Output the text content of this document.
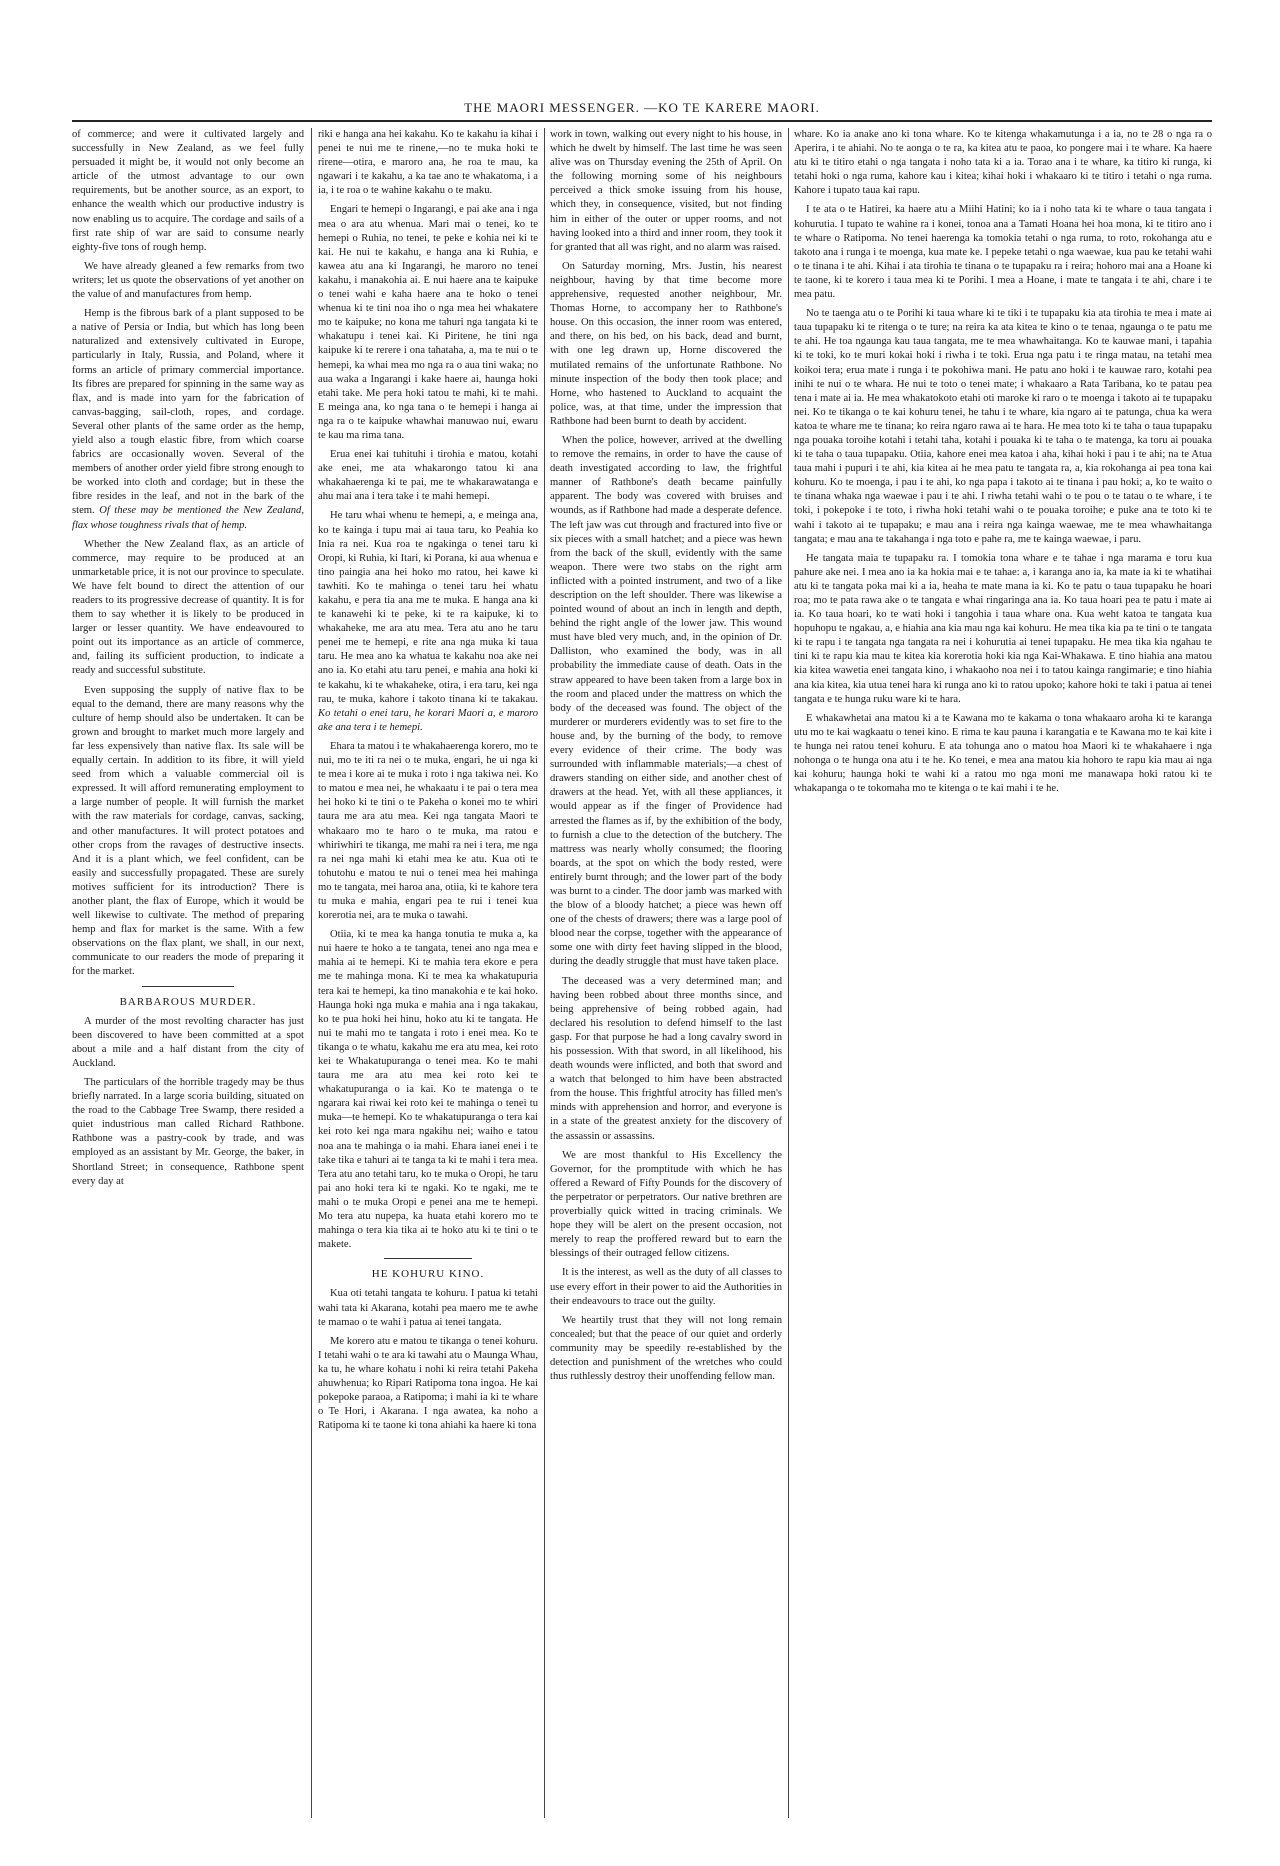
THE MAORI MESSENGER. —KO TE KARERE MAORI.

of commerce; and were it cultivated largely and successfully in New Zealand, as we feel fully persuaded it might be, it would not only become an article of the utmost advantage to our own requirements, but be another source, as an export, to enhance the wealth which our productive industry is now enabling us to acquire. The cordage and sails of a first rate ship of war are said to consume nearly eighty-five tons of rough hemp.

We have already gleaned a few remarks from two writers; let us quote the observations of yet another on the value of and manufactures from hemp.

Hemp is the fibrous bark of a plant supposed to be a native of Persia or India, but which has long been naturalized and extensively cultivated in Europe, particularly in Italy, Russia, and Poland, where it forms an article of primary commercial importance. Its fibres are prepared for spinning in the same way as flax, and is made into yarn for the fabrication of canvas-bagging, sail-cloth, ropes, and cordage. Several other plants of the same order as the hemp, yield also a tough elastic fibre, from which coarse fabrics are occasionally woven. Several of the members of another order yield fibre strong enough to be worked into cloth and cordage; but in these the fibre resides in the leaf, and not in the bark of the stem. Of these may be mentioned the New Zealand, flax whose toughness rivals that of hemp.

Whether the New Zealand flax, as an article of commerce, may require to be produced at an unmarketable price, it is not our province to speculate. We have felt bound to direct the attention of our readers to its progressive decrease of quantity. It is for them to say whether it is likely to be produced in larger or lesser quantity. We have endeavoured to point out its importance as an article of commerce, and, failing its sufficient production, to indicate a ready and successful substitute.

Even supposing the supply of native flax to be equal to the demand, there are many reasons why the culture of hemp should also be undertaken. It can be grown and brought to market much more largely and far less expensively than native flax. Its sale will be equally certain. In addition to its fibre, it will yield seed from which a valuable commercial oil is expressed. It will afford remunerating employment to a large number of people. It will furnish the market with the raw materials for cordage, canvas, sacking, and other manufactures. It will protect potatoes and other crops from the ravages of destructive insects. And it is a plant which, we feel confident, can be easily and successfully propagated. These are surely motives sufficient for its introduction? There is another plant, the flax of Europe, which it would be well likewise to cultivate. The method of preparing hemp and flax for market is the same. With a few observations on the flax plant, we shall, in our next, communicate to our readers the mode of preparing it for the market.

BARBAROUS MURDER.

A murder of the most revolting character has just been discovered to have been committed at a spot about a mile and a half distant from the city of Auckland.

The particulars of the horrible tragedy may be thus briefly narrated. In a large scoria building, situated on the road to the Cabbage Tree Swamp, there resided a quiet industrious man called Richard Rathbone. Rathbone was a pastry-cook by trade, and was employed as an assistant by Mr. George, the baker, in Shortland Street; in consequence, Rathbone spent every day at

riki e hanga ana hei kakahu. Ko te kakahu ia kihai i penei te nui me te rinene,—no te muka hoki te rirene—otira, e maroro ana, he roa te mau, ka ngawari i te kakahu, a ka tae ano te whakatoma, i a ia, i te roa o te wahine kakahu o te maku.

Engari te hemepi o Ingarangi, e pai ake ana i nga mea o ara atu whenua. Mari mai o tenei, ko te hemepi o Ruhia, no tenei, te peke e kohia nei ki te kai. He nui te kakahu, e hanga ana ki Ruhia, e kawea atu ana ki Ingarangi, he maroro no tenei kakahu, i manakohia ai. E nui haere ana te kaipuke o tenei wahi e kaha haere ana te hoko o tenei whenua ki te tini noa iho o nga mea hei whakatere mo te kaipuke; no kona me tahuri nga tangata ki te whakatupu i tenei kai. Ki Piritene, he tini nga kaipuke ki te rerere i ona tahataha, a, ma te nui o te hemepi, ka whai mea mo nga ra o aua tini waka; no aua waka a Ingarangi i kake haere ai, haunga hoki etahi take. Me pera hoki tatou te mahi, ki te mahi. E meinga ana, ko nga tana o te hemepi i hanga ai nga ra o te kaipuke whawhai manuwao nui, ewaru te kau ma rima tana.

Erua enei kai tuhituhi i tirohia e matou, kotahi ake enei, me ata whakarongo tatou ki ana whakahaerenga ki te pai, me te whakarawatanga e ahu mai ana i tera take i te mahi hemepi.

He taru whai whenu te hemepi, a, e meinga ana, ko te kainga i tupu mai ai taua taru, ko Peahia ko Inia ra nei. Kua roa te ngakinga o tenei taru ki Oropi, ki Ruhia, ki Itari, ki Porana, ki aua whenua e tino paingia ana hei hoko mo ratou, hei kawe ki tawhiti. Ko te mahinga o tenei taru hei whatu kakahu, e pera tia ana me te muka. E hanga ana ki te kanawehi ki te peke, ki te ra kaipuke, ki to whakaheke, me ara atu mea. Tera atu ano he taru penei me te hemepi, e rite ana nga muka ki taua taru. He mea ano ka whatua te kakahu noa ake nei ano ia. Ko etahi atu taru penei, e mahia ana hoki ki te kakahu, ki te whakaheke, otira, i era taru, kei nga rau, te muka, kahore i takoto tinana ki te takakau. Ko tetahi o enei taru, he korari Maori a, e maroro ake ana tera i te hemepi.

Ehara ta matou i te whakahaerenga korero, mo te nui, mo te iti ra nei o te muka, engari, he ui nga ki te mea i kore ai te muka i roto i nga takiwa nei. Ko to matou e mea nei, he whakaatu i te pai o tera mea hei hoko ki te tini o te Pakeha o konei mo te whiri taura me ara atu mea. Kei nga tangata Maori te whakaaro mo te haro o te muka, ma ratou e whiriwhiri te tikanga, me mahi ra nei i tera, me nga ra nei nga mahi ki etahi mea ke atu. Kua oti te tohutohu e matou te nui o tenei mea hei mahinga mo te tangata, mei haroa ana, otiia, ki te kahore tera tu muka e mahia, engari pea te rui i tenei kua korerotia nei, ara te muka o tawahi.

Otiia, ki te mea ka hanga tonutia te muka a, ka nui haere te hoko a te tangata, tenei ano nga mea e mahia ai te hemepi. Ki te mahia tera ekore e pera me te mahinga mona. Ki te mea ka whakatupuria tera kai te hemepi, ka tino manakohia e te kai hoko. Haunga hoki nga muka e mahia ana i nga takakau, ko te pua hoki hei hinu, hoko atu ki te tangata. He nui te mahi mo te tangata i roto i enei mea. Ko te tikanga o te whatu, kakahu me era atu mea, kei roto kei te Whakatupuranga o tenei mea. Ko te mahi taura me ara atu mea kei roto kei te whakatupuranga o ia kai. Ko te matenga o te ngarara kai riwai kei roto kei te mahinga o tenei tu muka—te hemepi. Ko te whakatupuranga o tera kai kei roto kei nga mara ngakihu nei; waiho e tatou noa ana te mahinga o ia mahi. Ehara ianei enei i te take tika e tahuri ai te tanga ta ki te mahi i tera mea. Tera atu ano tetahi taru, ko te muka o Oropi, he taru pai ano hoki tera ki te ngaki. Ko te ngaki, me te mahi o te muka Oropi e penei ana me te hemepi. Mo tera atu nupepa, ka huata etahi korero mo te mahinga o tera kia tika ai te hoko atu ki te tini o te makete.

HE KOHURU KINO.

Kua oti tetahi tangata te kohuru. I patua ki tetahi wahi tata ki Akarana, kotahi pea maero me te awhe te mamao o te wahi i patua ai tenei tangata.

Me korero atu e matou te tikanga o tenei kohuru. I tetahi wahi o te ara ki tawahi atu o Maunga Whau, ka tu, he whare kohatu i nohi ki reira tetahi Pakeha ahuwhenua; ko Ripari Ratipoma tona ingoa. He kai pokepoke paraoa, a Ratipoma; i mahi ia ki te whare o Te Hori, i Akarana. I nga awatea, ka noho a Ratipoma ki te taone ki tona ahiahi ka haere ki tona

work in town, walking out every night to his house, in which he dwelt by himself. The last time he was seen alive was on Thursday evening the 25th of April. On the following morning some of his neighbours perceived a thick smoke issuing from his house, which they, in consequence, visited, but not finding him in either of the outer or upper rooms, and not having looked into a third and inner room, they took it for granted that all was right, and no alarm was raised.

On Saturday morning, Mrs. Justin, his nearest neighbour, having by that time become more apprehensive, requested another neighbour, Mr. Thomas Horne, to accompany her to Rathbone's house. On this occasion, the inner room was entered, and there, on his bed, on his back, dead and burnt, with one leg drawn up, Horne discovered the mutilated remains of the unfortunate Rathbone. No minute inspection of the body then took place; and Horne, who hastened to Auckland to acquaint the police, was, at that time, under the impression that Rathbone had been burnt to death by accident.

When the police, however, arrived at the dwelling to remove the remains, in order to have the cause of death investigated according to law, the frightful manner of Rathbone's death became painfully apparent. The body was covered with bruises and wounds, as if Rathbone had made a desperate defence. The left jaw was cut through and fractured into five or six pieces with a small hatchet; and a piece was hewn from the back of the skull, evidently with the same weapon. There were two stabs on the right arm inflicted with a pointed instrument, and two of a like description on the left shoulder. There was likewise a pointed wound of about an inch in length and depth, behind the right angle of the lower jaw. This wound must have bled very much, and, in the opinion of Dr. Dalliston, who examined the body, was in all probability the immediate cause of death. Oats in the straw appeared to have been taken from a large box in the room and placed under the mattress on which the body of the deceased was found. The object of the murderer or murderers evidently was to set fire to the house and, by the burning of the body, to remove every evidence of their crime. The body was surrounded with inflammable materials;—a chest of drawers standing on either side, and another chest of drawers at the head. Yet, with all these appliances, it would appear as if the finger of Providence had arrested the flames as if, by the exhibition of the body, to furnish a clue to the detection of the butchery. The mattress was nearly wholly consumed; the flooring boards, at the spot on which the body rested, were entirely burnt through; and the lower part of the body was burnt to a cinder. The door jamb was marked with the blow of a bloody hatchet; a piece was hewn off one of the chests of drawers; there was a large pool of blood near the corpse, together with the appearance of some one with dirty feet having slipped in the blood, during the deadly struggle that must have taken place.

The deceased was a very determined man; and having been robbed about three months since, and being apprehensive of being robbed again, had declared his resolution to defend himself to the last gasp. For that purpose he had a long cavalry sword in his possession. With that sword, in all likelihood, his death wounds were inflicted, and both that sword and a watch that belonged to him have been abstracted from the house. This frightful atrocity has filled men's minds with apprehension and horror, and everyone is in a state of the greatest anxiety for the discovery of the assassin or assassins.

We are most thankful to His Excellency the Governor, for the promptitude with which he has offered a Reward of Fifty Pounds for the discovery of the perpetrator or perpetrators. Our native brethren are proverbially quick witted in tracing criminals. We hope they will be alert on the present occasion, not merely to reap the proffered reward but to earn the blessings of their outraged fellow citizens.

It is the interest, as well as the duty of all classes to use every effort in their power to aid the Authorities in their endeavours to trace out the guilty.

We heartily trust that they will not long remain concealed; but that the peace of our quiet and orderly community may be speedily re-established by the detection and punishment of the wretches who could thus ruthlessly destroy their unoffending fellow man.

whare. Ko ia anake ano ki tona whare. Ko te kitenga whakamutunga i a ia, no te 28 o nga ra o Aperira, i te ahiahi. No te aonga o te ra, ka kitea atu te paoa, ko pongere mai i te whare. Ka haere atu ki te titiro etahi o nga tangata i noho tata ki a ia. Torao ana i te whare, ka titiro ki runga, ki tetahi hoki o nga ruma, kahore kau i kitea; kihai hoki i whakaaro ki te titiro i tetahi o nga ruma. Kahore i tupato taua kai rapu.

I te ata o te Hatirei, ka haere atu a Miihi Hatini; ko ia i noho tata ki te whare o taua tangata i kohurutia. I tupato te wahine ra i konei, tonoa ana a Tamati Hoana hei hoa mona, ki te titiro ano i te whare o Ratipoma. No tenei haerenga ka tomokia tetahi o nga ruma, to roto, rokohanga atu e takoto ana i runga i te moenga, kua mate ke. I pepeke tetahi o nga waewae, kua pau ke tetahi wahi o te tinana i te ahi. Kihai i ata tirohia te tinana o te tupapaku ra i reira; hohoro mai ana a Hoane ki te taone, ki te korero i taua mea ki te Porihi. I mea a Hoane, i mate te tangata i te ahi, chare i te mea patu.

No te taenga atu o te Porihi ki taua whare ki te tiki i te tupapaku kia ata tirohia te mea i mate ai taua tupapaku ki te ritenga o te ture; na reira ka ata kitea te kino o te tenaa, ngaunga o te patu me te ahi. He toa ngaunga kau taua tangata, me te mea whawhaitanga. Ko te kauwae mani, i tapahia ki te toki, ko te muri kokai hoki i riwha i te toki. Erua nga patu i te ringa matau, na tetahi mea koikoi tera; erua mate i runga i te pokohiwa mani. He patu ano hoki i te kauwae raro, kotahi pea inihi te nui o te whara. He nui te toto o tenei mate; i whakaaro a Rata Taribana, ko te patau pea tena i mate ai ia. He mea whakatokoto etahi oti maroke ki raro o te moenga i takoto ai te tupapaku nei. Ko te tikanga o te kai kohuru tenei, he tahu i te whare, kia ngaro ai te patunga, chua ka wera katoa te whare me te tinana; ko reira ngaro rawa ai te hara. He mea toto ki te taha o taua tupapaku nga pouaka toroihe kotahi i tetahi taha, kotahi i pouaka ki te taha o te matenga, ka toru ai pouaka ki te taha o taua tupapaku. Otiia, kahore enei mea katoa i aha, kihai hoki i pau i te ahi; na te Atua taua mahi i pupuri i te ahi, kia kitea ai he mea patu te tangata ra, a, kia rokohanga ai pea tona kai kohuru. Ko te moenga, i pau i te ahi, ko nga papa i takoto ai te tinana i pau hoki; a, ko te waito o te tinana whaka nga waewae i pau i te ahi. I riwha tetahi wahi o te pou o te tatau o te whare, i te toki, i pokepoke i te toto, i riwha hoki tetahi wahi o te pouaka toroihe; e puke ana te toto ki te wahi i takoto ai te tupapaku; e mau ana i reira nga kainga waewae, me te mea whawhaitanga tangata; e mau ana te takahanga i nga toto e pahe ra, me te kainga waewae, i paru.

He tangata maia te tupapaku ra. I tomokia tona whare e te tahae i nga marama e toru kua pahure ake nei. I mea ano ia ka hokia mai e te tahae: a, i karanga ano ia, ka mate ia ki te whatihai atu ki te tangata poka mai ki a ia, heaha te mate mana ia ki. Ko te patu o taua tupapaku he hoari roa; mo te pata rawa ake o te tangata e whai ringaringa ana ia. Ko taua hoari pea te patu i mate ai ia. Ko taua hoari, ko te wati hoki i tangohia i taua whare ona. Kua weht katoa te tangata kua hopuhopu te ngakau, a, e hiahia ana kia mau nga kai kohuru. He mea tika kia pa te tini o te tangata ki te rapu i te tangata nga tangata ra nei i kohurutia ai tenei tupapaku. He mea tika kia ngahau te tini ki te rapu kia mau te kitea kia korerotia hoki kia nga Kai-Whakawa. E tino hiahia ana matou kia kitea wawetia enei tangata kino, i whakaoho noa nei i to tatou kainga rangimarie; e tino hiahia ana kia kitea, kia utua tenei hara ki runga ano ki to ratou upoko; kahore hoki te taki i patua ai tenei tangata e te hunga ruku ware ki te hara.

E whakawhetai ana matou ki a te Kawana mo te kakama o tona whakaaro aroha ki te karanga utu mo te kai wagkaatu o tenei kino. E rima te kau pauna i karangatia e te Kawana mo te kai kite i te hunga nei ratou tenei kohuru. E ata tohunga ano o matou hoa Maori ki te whakahaere i nga nohonga o te hunga ona atu i te he. Ko tenei, e mea ana matou kia hohoro te rapu kia mau ai nga kai kohuru; haunga hoki te wahi ki a ratou mo nga moni me manawapa hoki ratou ki te whakapanga o te tokomaha mo te kitenga o te kai mahi i te he.
